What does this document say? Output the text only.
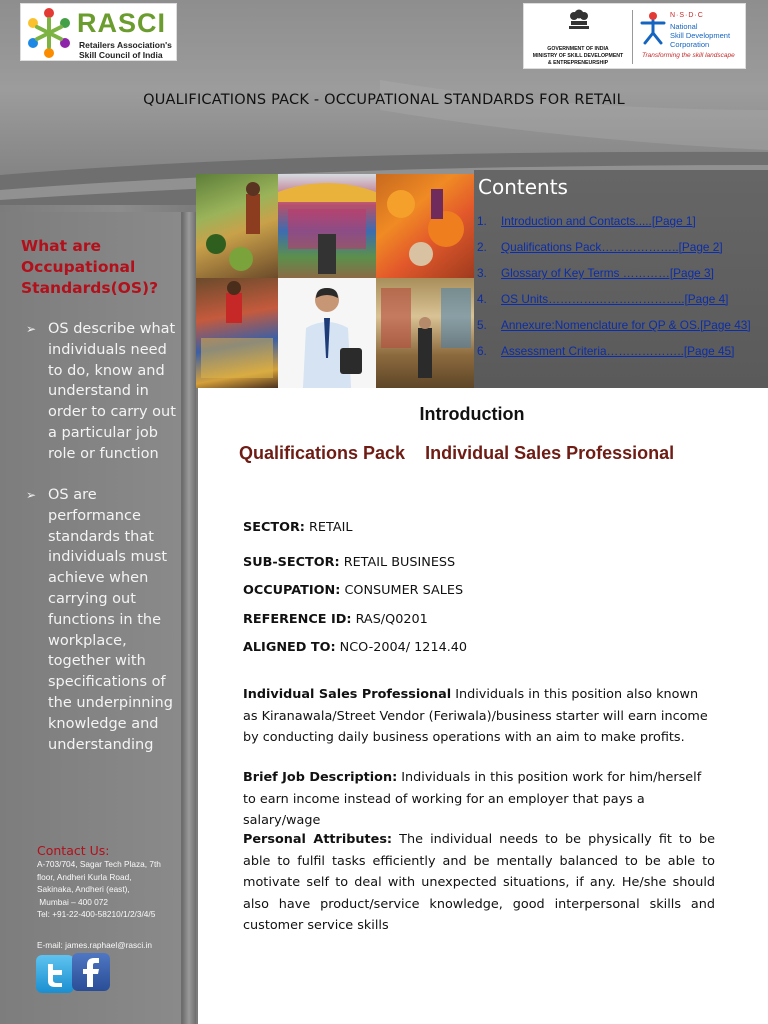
RASCI
Retailers Association's
Skill Council of India
GOVERNMENT OF INDIA
MINISTRY OF SKILL DEVELOPMENT
& ENTREPRENEURSHIP
N·S·D·C
National
Skill Development
Corporation
Transforming the skill landscape
QUALIFICATIONS PACK - OCCUPATIONAL STANDARDS FOR RETAIL
What are
Occupational
Standards(OS)?
➢ OS describe what individuals need to do, know and understand in order to carry out a particular job role or function
➢ OS are performance standards that individuals must achieve when carrying out functions in the workplace, together with specifications of the underpinning knowledge and understanding
Contact Us:
A-703/704, Sagar Tech Plaza, 7th
floor, Andheri Kurla Road,
Sakinaka, Andheri (east),
Mumbai – 400 072
Tel: +91-22-400-58210/1/2/3/4/5
E-mail: james.raphael@rasci.in
Contents
1. Introduction and Contacts.....[Page 1]
2. Qualifications Pack………………..[Page 2]
3. Glossary of Key Terms …………[Page 3]
4. OS Units……………………………..[Page 4]
5. Annexure:Nomenclature for QP & OS.[Page 43]
6. Assessment Criteria………………..[Page 45]
Introduction
Qualifications Pack Individual Sales Professional
SECTOR: RETAIL
SUB-SECTOR: RETAIL BUSINESS
OCCUPATION: CONSUMER SALES
REFERENCE ID: RAS/Q0201
ALIGNED TO: NCO-2004/ 1214.40
Individual Sales Professional Individuals in this position also known as Kiranawala/Street Vendor (Feriwala)/business starter will earn income by conducting daily business operations with an aim to make profits.
Brief Job Description: Individuals in this position work for him/herself to earn income instead of working for an employer that pays a salary/wage
Personal Attributes: The individual needs to be physically fit to be able to fulfil tasks efficiently and be mentally balanced to be able to motivate self to deal with unexpected situations, if any. He/she should also have product/service knowledge, good interpersonal skills and customer service skills
